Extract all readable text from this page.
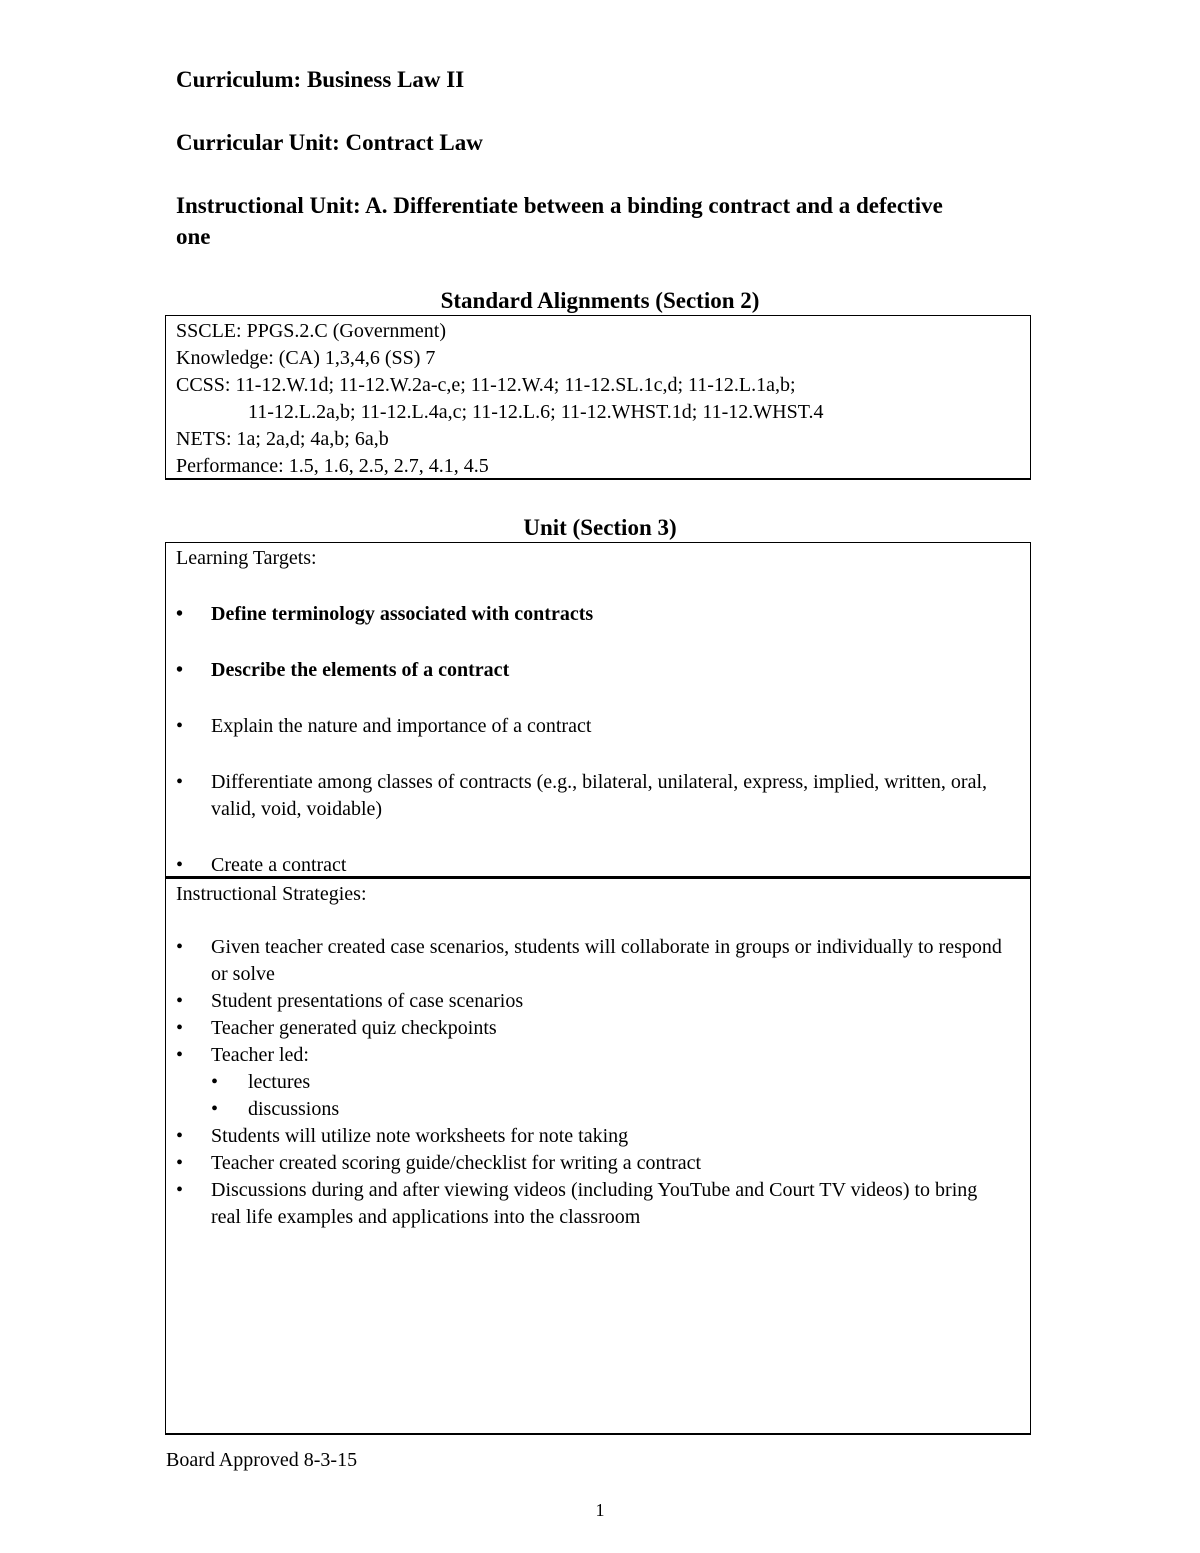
Curriculum: Business Law II
Curricular Unit: Contract Law
Instructional Unit: A. Differentiate between a binding contract and a defective one
Standard Alignments (Section 2)
SSCLE: PPGS.2.C (Government)
Knowledge: (CA) 1,3,4,6 (SS) 7
CCSS: 11-12.W.1d; 11-12.W.2a-c,e; 11-12.W.4; 11-12.SL.1c,d; 11-12.L.1a,b;
11-12.L.2a,b; 11-12.L.4a,c; 11-12.L.6; 11-12.WHST.1d; 11-12.WHST.4
NETS: 1a; 2a,d; 4a,b; 6a,b
Performance: 1.5, 1.6, 2.5, 2.7, 4.1, 4.5
Unit (Section 3)
Learning Targets:
•	Define terminology associated with contracts
•	Describe the elements of a contract
•	Explain the nature and importance of a contract
•	Differentiate among classes of contracts (e.g., bilateral, unilateral, express, implied, written, oral, valid, void, voidable)
•	Create a contract
Instructional Strategies:
•	Given teacher created case scenarios, students will collaborate in groups or individually to respond or solve
•	Student presentations of case scenarios
•	Teacher generated quiz checkpoints
•	Teacher led:
•	lectures
•	discussions
•	Students will utilize note worksheets for note taking
•	Teacher created scoring guide/checklist for writing a contract
•	Discussions during and after viewing videos (including YouTube and Court TV videos) to bring real life examples and applications into the classroom
Board Approved 8-3-15
1
